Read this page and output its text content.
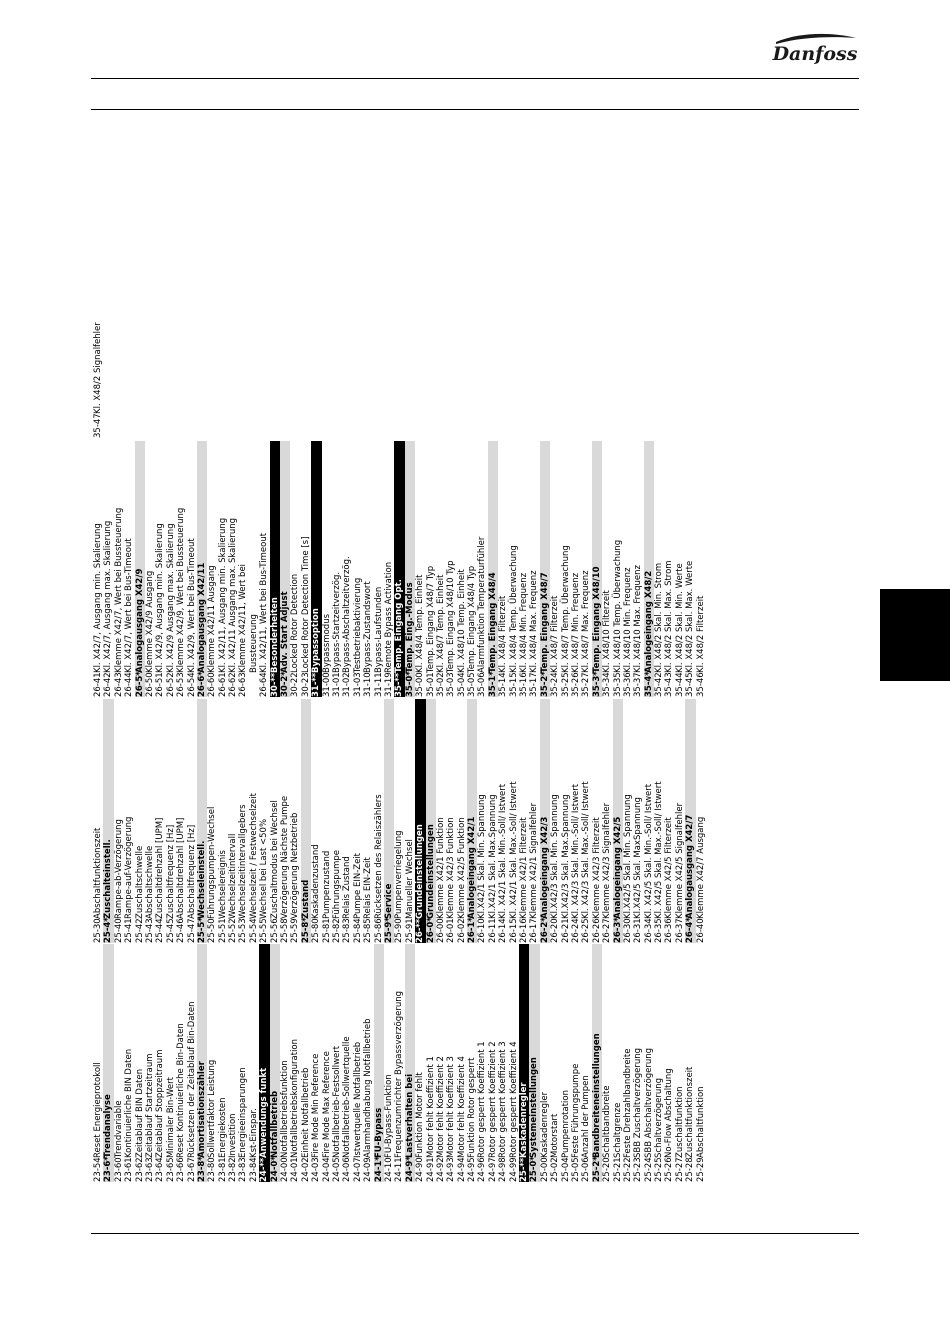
Danfoss
23-54
Reset Energieprotokoll
23-6*
Trendanalyse
23-60
Trendvariable
23-61
Kontinuierliche BIN Daten
23-62
Zeitablauf BIN Daten
23-63
Zeitablauf Startzeitraum
23-64
Zeitablauf Stoppzeitraum
23-65
Minimaler Bin-Wert
23-66
Reset Kontinuierliche Bin-Daten
23-67
Rücksetzen der Zeitablauf Bin-Daten
23-8*
Amortisationszähler
23-80
Sollwertfaktor Leistung
23-81
Energiekosten
23-82
Investition
23-83
Energieeinsparungen
23-84
Kst-Einspar.
24-**
Anwendungs funkt
24-0*
Notfallbetrieb
24-00
Notfallbetriebsfunktion
24-01
Notfallbetriebskonfiguration
24-02
Einheit Notfallbetrieb
24-03
Fire Mode Min Reference
24-04
Fire Mode Max Reference
24-05
Notfallbetrieb-Festsollwert
24-06
Notfallbetrieb-Sollwertquelle
24-07
Istwertquelle Notfallbetrieb
24-09
Alarmhandhabung Notfallbetrieb
24-1*
FU-Bypass
24-10
FU-Bypass-Funktion
24-11
Frequenzumrichter Bypassverzögerung
24-9*
Lastverhalten bei
24-90
Funktion Motor fehlt
24-91
Motor fehlt Koeffizient 1
24-92
Motor fehlt Koeffizient 2
24-93
Motor fehlt Koeffizient 3
24-94
Motor fehlt Koeffizient 4
24-95
Funktion Rotor gesperrt
24-96
Rotor gesperrt Koeffizient 1
24-97
Rotor gesperrt Koeffizient 2
24-98
Rotor gesperrt Koeffizient 3
24-99
Rotor gesperrt Koeffizient 4
25-**
Kaskadenregler
25-0*
Systemeinstellungen
25-00
Kaskadenregler
25-02
Motorstart
25-04
Pumpenrotation
25-05
Feste Führungspumpe
25-06
Anzahl der Pumpen
25-2*
Bandbreiteneinstellungen
25-20
Schaltbandbreite
25-21
Schaltgrenze
25-22
Feste Drehzahlbandbreite
25-23
SBB Zuschaltverzögerung
25-24
SBB Abschaltverzögerung
25-25
Schaltverzögerung
25-26
No-Flow Abschaltung
25-27
Zuschaltfunktion
25-28
Zuschaltfunktionszeit
25-29
Abschaltfunktion
25-30
Abschaltfunktionszeit
25-4*
Zuschalteinstell.
25-40
Rampe-ab-Verzögerung
25-41
Rampe-auf-Verzögerung
25-42
Zuschaltschwelle
25-43
Abschaltschwelle
25-44
Zuschaltdrehzahl [UPM]
25-45
Zuschaltfrequenz [Hz]
25-46
Abschaltdrehzahl [UPM]
25-47
Abschaltfrequenz [Hz]
25-5*
Wechseleinstell.
25-50
Führungspumpen-Wechsel
25-51
Wechselereignis
25-52
Wechselzeitintervall
25-53
Wechselzeitintervallgebers
25-54
Wechselzeit / Festwechselzeit
25-55
Wechsel bei Last <50%
25-56
Zuschaltmodus bei Wechsel
25-58
Verzögerung Nächste Pumpe
25-59
Verzögerung Netzbetrieb
25-8*
Zustand
25-80
Kaskadenzustand
25-81
Pumpenzustand
25-82
Führungspumpe
25-83
Relais Zustand
25-84
Pumpe EIN-Zeit
25-85
Relais EIN-Zeit
25-86
Rücksetzen des Relaiszählers
25-9*
Service
25-90
Pumpenverriegelung
25-91
Manueller Wechsel
26-**
Grundeinstellungen
26-0*
Grundeinstellungen
26-00
Klemme X42/1 Funktion
26-01
Klemme X42/3 Funktion
26-02
Klemme X42/5 Funktion
26-1*
Analogeingang X42/1
26-10
Kl.X42/1 Skal. Min. Spannung
26-11
Kl.X42/1 Skal. Max.Spannung
26-14
Kl. X42/1 Skal. Min.-Soll/ Istwert
26-15
Kl. X42/1 Skal. Max.-Soll/ Istwert
26-16
Klemme X42/1 Filterzeit
26-17
Klemme X42/1 Signalfehler
26-2*
Analogeingang X42/3
26-20
Kl.X42/3 Skal. Min. Spannung
26-21
Kl.X42/3 Skal. Max.Spannung
26-24
Kl. X42/3 Skal. Min.-Soll/ Istwert
26-25
Kl. X42/3 Skal. Max.-Soll/ Istwert
26-26
Klemme X42/3 Filterzeit
26-27
Klemme X42/3 Signalfehler
26-3*
Analogeingang X42/5
26-30
Kl.X42/5 Skal. Min. Spannung
26-31
Kl.X42/5 Skal. MaxSpannung
26-34
Kl. X42/5 Skal. Min.-Soll/ Istwert
26-35
Kl. X42/5 Skal. Max.-Soll/ Istwert
26-36
Klemme X42/5 Filterzeit
26-37
Klemme X42/5 Signalfehler
26-4*
Analogausgang X42/7
26-40
Klemme X42/7 Ausgang
26-41
Kl. X42/7, Ausgang min. Skalierung
26-42
Kl. X42/7, Ausgang max. Skalierung
26-43
Klemme X42/7, Wert bei Bussteuerung
26-44
Kl. X42/7, Wert bei Bus-Timeout
26-5*
Analogausgang X42/9
26-50
Klemme X42/9 Ausgang
26-51
Kl. X42/9, Ausgang min. Skalierung
26-52
Kl. X42/9 Ausgang max. Skalierung
26-53
Klemme X42/9, Wert bei Bussteuerung
26-54
Kl. X42/9, Wert bei Bus-Timeout
26-6*
Analogausgang X42/11
26-60
Klemme X42/11 Ausgang
26-61
Kl. X42/11, Ausgang min. Skalierung
26-62
Kl. X42/11 Ausgang max. Skalierung
26-63
Klemme X42/11, Wert bei Bussteuerung
26-64
Kl. X42/11, Wert bei Bus-Timeout
30-**
Besonderheiten
30-2*
Adv. Start Adjust
30-22
Locked Rotor Detection
30-23
Locked Rotor Detection Time [s]
31-**
Bypassoption
31-00
Bypassmodus
31-01
Bypass-Startzeitverzög.
31-02
Bypass-Abschaltzeitverzög.
31-03
Testbetriebaktivierung
31-10
Bypass-Zustandswort
31-11
Bypass-Laufstunden
31-19
Remote Bypass Activation
35-**
Temp. Eingang Opt.
35-0*
Temp. Eing.-Modus
35-00
Kl. X48/4 Temp. Einheit
35-01
Temp. Eingang X48/7 Typ
35-02
Kl. X48/7 Temp. Einheit
35-03
Temp. Eingang X48/10 Typ
35-04
Kl. X48/10 Temp. Einheit
35-05
Temp. Eingang X48/4 Typ
35-06
Alarmfunktion Temperaturfühler
35-1*
Temp. Eingang X48/4
35-14
Kl. X48/4 Filterzeit
35-15
Kl. X48/4 Temp. Überwachung
35-16
Kl. X48/4 Min. Frequenz
35-17
Kl. X48/4 Max. Frequenz
35-2*
Temp. Eingang X48/7
35-24
Kl. X48/7 Filterzeit
35-25
Kl. X48/7 Temp. Überwachung
35-26
Kl. X48/7 Min. Frequenz
35-27
Kl. X48/7 Max. Frequenz
35-3*
Temp. Eingang X48/10
35-34
Kl. X48/10 Filterzeit
35-35
Kl. X48/10 Temp. Überwachung
35-36
Kl. X48/10 Min. Frequenz
35-37
Kl. X48/10 Max. Frequenz
35-4*
Analogeingang X48/2
35-42
Kl. X48/2 Skal. Min. Strom
35-43
Kl. X48/2 Skal. Max. Strom
35-44
Kl. X48/2 Skal. Min. Werte
35-45
Kl. X48/2 Skal. Max. Werte
35-46
Kl. X48/2 Filterzeit
35-47
Kl. X48/2 Signalfehler
